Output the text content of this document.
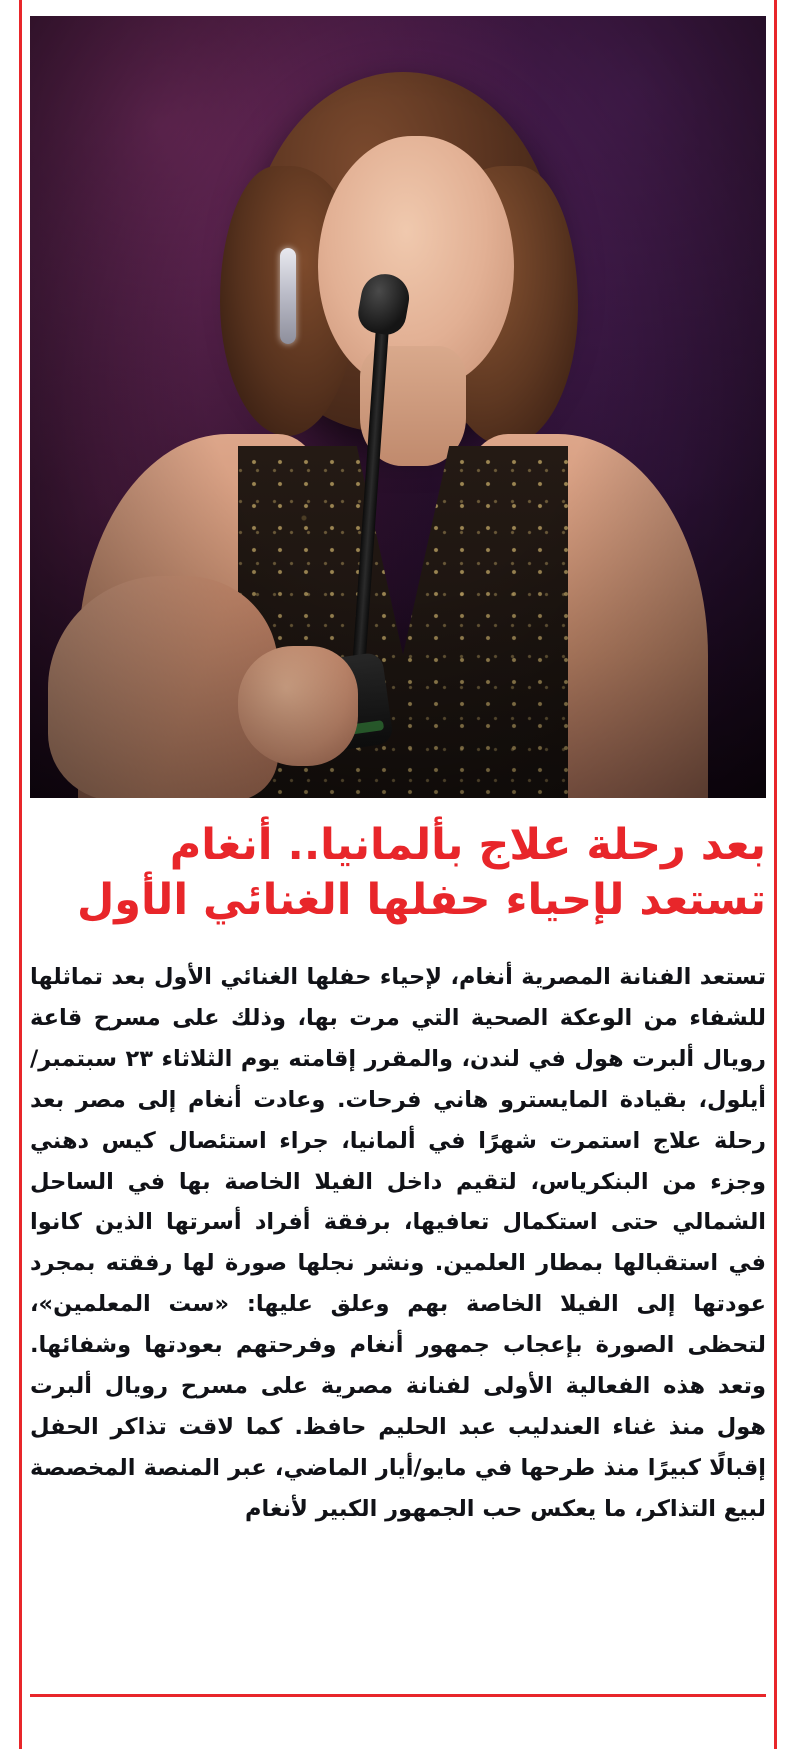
بعد رحلة علاج بألمانيا.. أنغام تستعد لإحياء حفلها الغنائي الأول

تستعد الفنانة المصرية أنغام، لإحياء حفلها الغنائي الأول بعد تماثلها للشفاء من الوعكة الصحية التي مرت بها، وذلك على مسرح قاعة رويال ألبرت هول في لندن، والمقرر إقامته يوم الثلاثاء ٢٣ سبتمبر/أيلول، بقيادة المايسترو هاني فرحات. وعادت أنغام إلى مصر بعد رحلة علاج استمرت شهرًا في ألمانيا، جراء استئصال كيس دهني وجزء من البنكرياس، لتقيم داخل الفيلا الخاصة بها في الساحل الشمالي حتى استكمال تعافيها، برفقة أفراد أسرتها الذين كانوا في استقبالها بمطار العلمين. ونشر نجلها صورة لها رفقته بمجرد عودتها إلى الفيلا الخاصة بهم وعلق عليها: «ست المعلمين»، لتحظى الصورة بإعجاب جمهور أنغام وفرحتهم بعودتها وشفائها. وتعد هذه الفعالية الأولى لفنانة مصرية على مسرح رويال ألبرت هول منذ غناء العندليب عبد الحليم حافظ. كما لاقت تذاكر الحفل إقبالًا كبيرًا منذ طرحها في مايو/أيار الماضي، عبر المنصة المخصصة لبيع التذاكر، ما يعكس حب الجمهور الكبير لأنغام
